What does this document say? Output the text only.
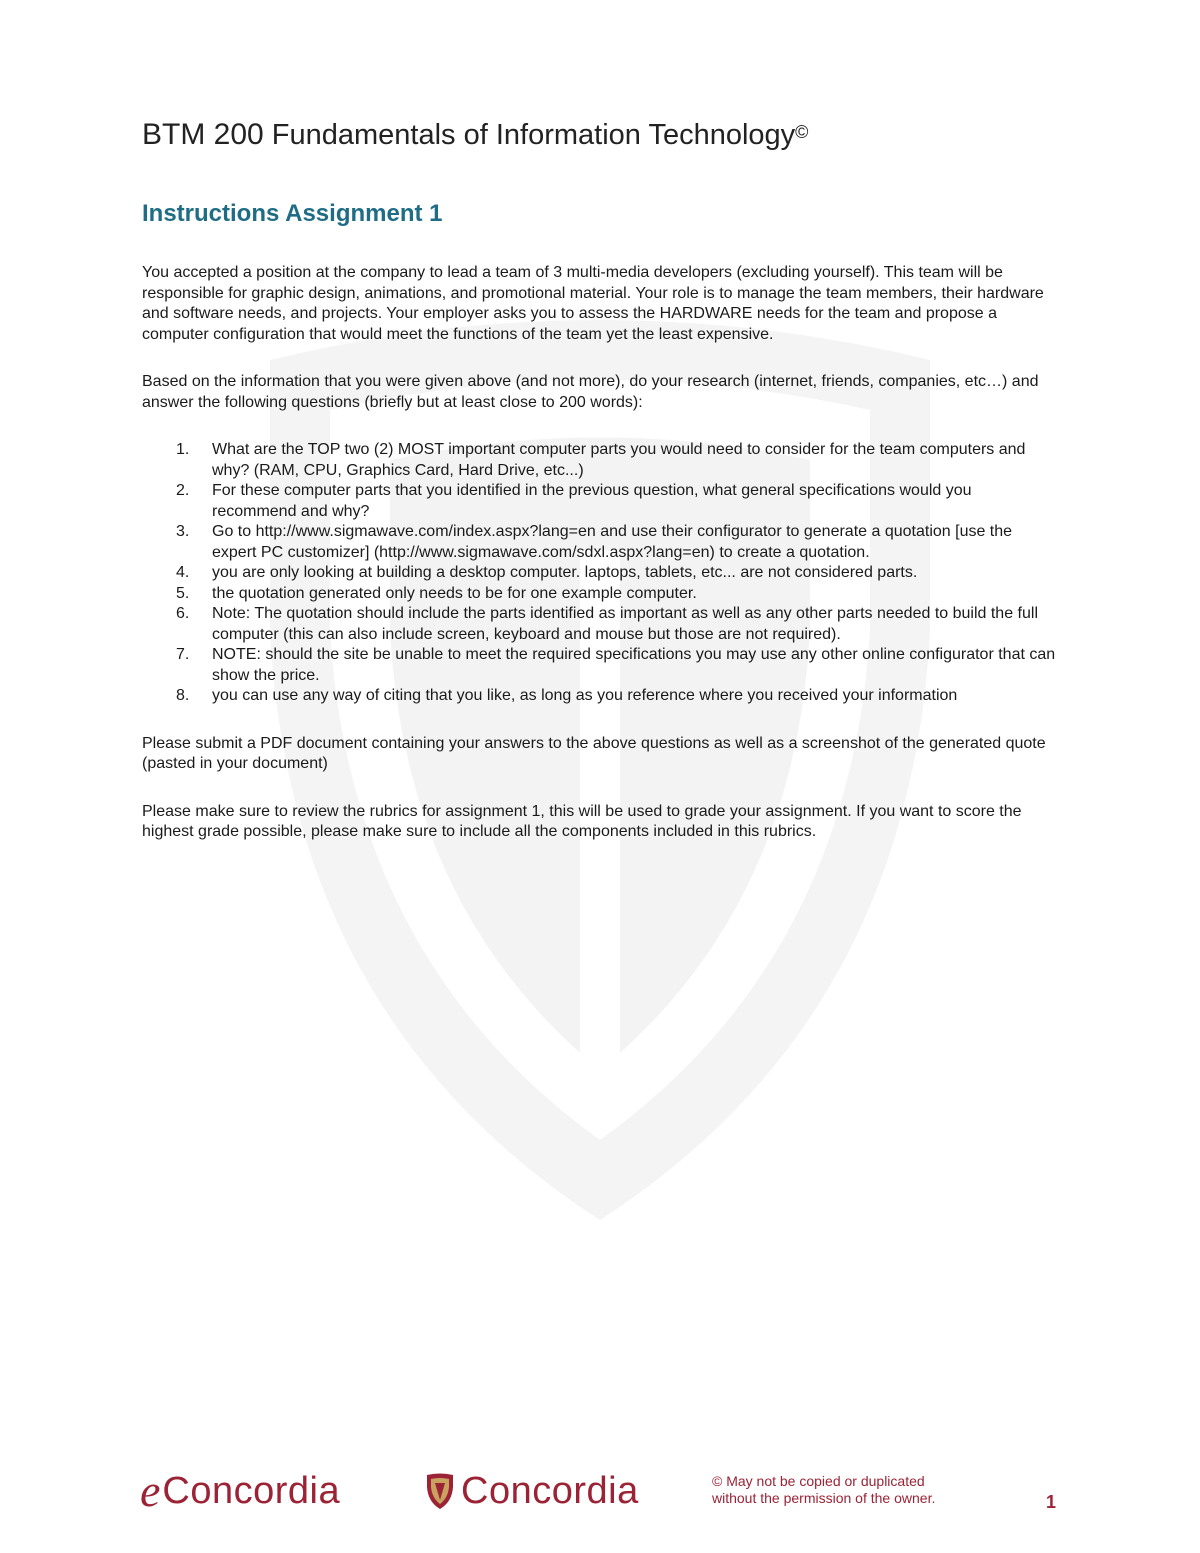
BTM 200 Fundamentals of Information Technology©
Instructions Assignment 1

You accepted a position at the company to lead a team of 3 multi-media developers (excluding yourself). This team will be responsible for graphic design, animations, and promotional material. Your role is to manage the team members, their hardware and software needs, and projects. Your employer asks you to assess the HARDWARE needs for the team and propose a computer configuration that would meet the functions of the team yet the least expensive.

Based on the information that you were given above (and not more), do your research (internet, friends, companies, etc…) and answer the following questions (briefly but at least close to 200 words):

1.	What are the TOP two (2) MOST important computer parts you would need to consider for the team computers and why? (RAM, CPU, Graphics Card, Hard Drive, etc...)
2.	For these computer parts that you identified in the previous question, what general specifications would you recommend and why?
3.	Go to http://www.sigmawave.com/index.aspx?lang=en and use their configurator to generate a quotation [use the expert PC customizer] (http://www.sigmawave.com/sdxl.aspx?lang=en) to create a quotation.
4.	you are only looking at building a desktop computer. laptops, tablets, etc... are not considered parts.
5.	the quotation generated only needs to be for one example computer.
6.	Note: The quotation should include the parts identified as important as well as any other parts needed to build the full computer (this can also include screen, keyboard and mouse but those are not required).
7.	NOTE: should the site be unable to meet the required specifications you may use any other online configurator that can show the price.
8.	you can use any way of citing that you like, as long as you reference where you received your information

Please submit a PDF document containing your answers to the above questions as well as a screenshot of the generated quote (pasted in your document)

Please make sure to review the rubrics for assignment 1, this will be used to grade your assignment. If you want to score the highest grade possible, please make sure to include all the components included in this rubrics.

e Concordia	Concordia	© May not be copied or duplicated
without the permission of the owner.	1
